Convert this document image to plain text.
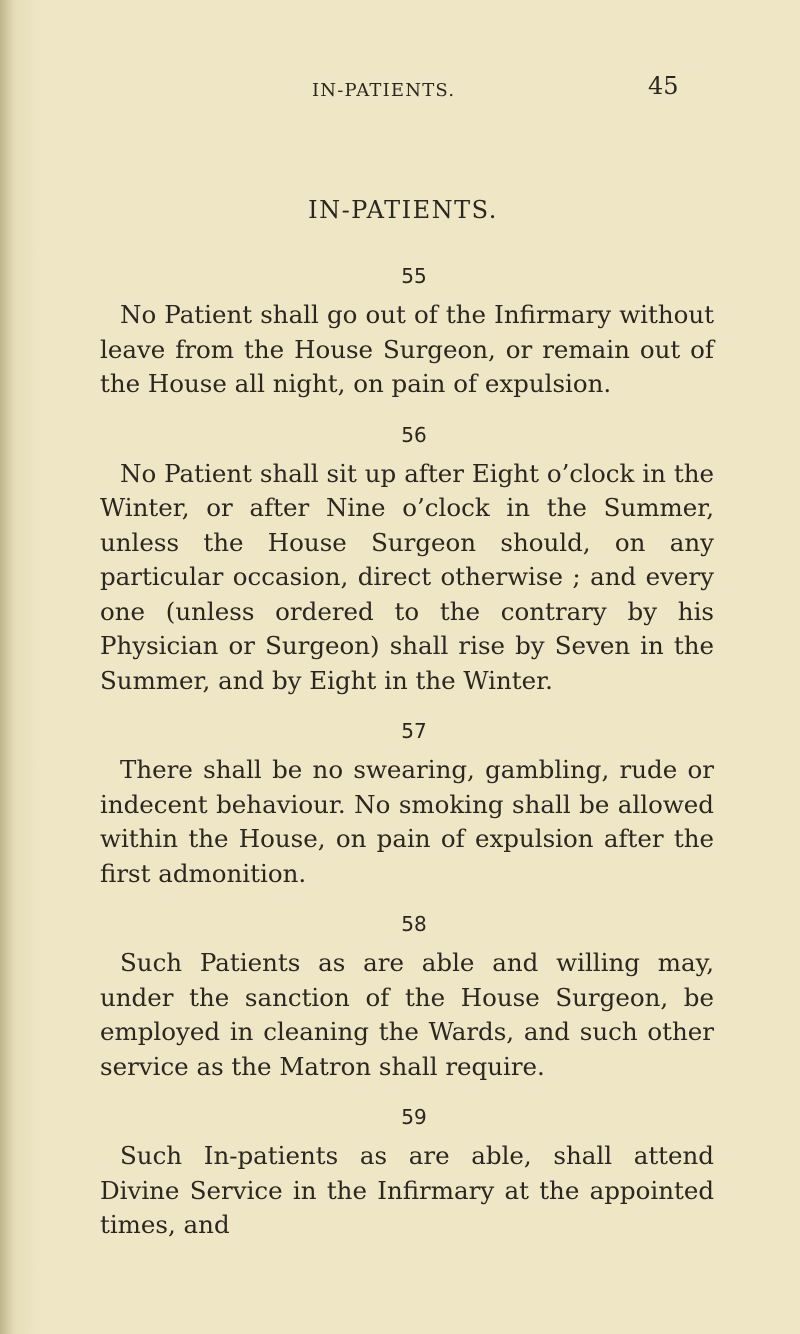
IN-PATIENTS.	45
IN-PATIENTS.
55
No Patient shall go out of the Infirmary without leave from the House Surgeon, or remain out of the House all night, on pain of expulsion.
56
No Patient shall sit up after Eight o’clock in the Winter, or after Nine o’clock in the Summer, unless the House Surgeon should, on any particular occasion, direct otherwise ; and every one (unless ordered to the contrary by his Physician or Surgeon) shall rise by Seven in the Summer, and by Eight in the Winter.
57
There shall be no swearing, gambling, rude or indecent behaviour. No smoking shall be allowed within the House, on pain of expulsion after the first admonition.
58
Such Patients as are able and willing may, under the sanction of the House Surgeon, be employed in cleaning the Wards, and such other service as the Matron shall require.
59
Such In-patients as are able, shall attend Divine Service in the Infirmary at the appointed times, and
